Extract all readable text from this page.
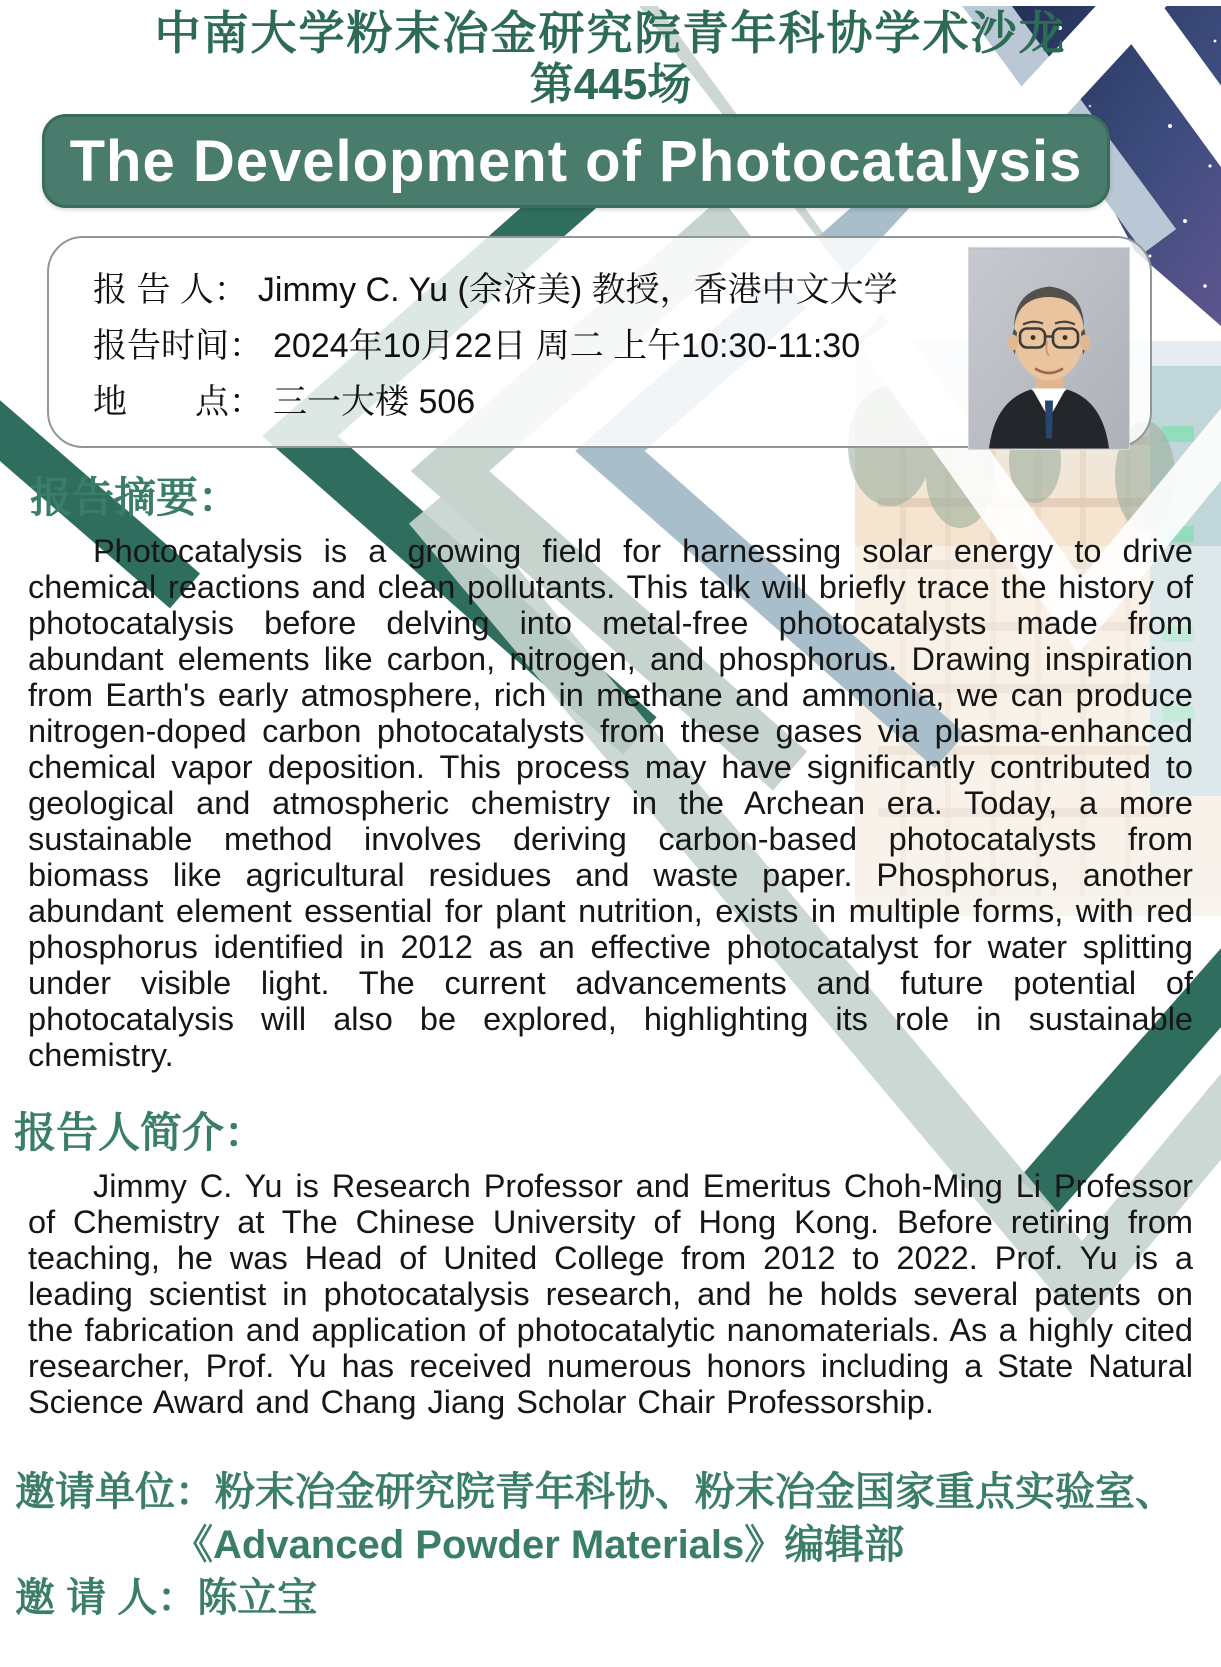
中南大学粉末冶金研究院青年科协学术沙龙
第445场
The Development of Photocatalysis
报 告 人： Jimmy C. Yu (余济美) 教授，香港中文大学
报告时间： 2024年10月22日 周二 上午10:30-11:30
地　　点： 三一大楼 506
报告摘要：

Photocatalysis is a growing field for harnessing solar energy to drive chemical reactions and clean pollutants. This talk will briefly trace the history of photocatalysis before delving into metal-free photocatalysts made from abundant elements like carbon, nitrogen, and phosphorus. Drawing inspiration from Earth's early atmosphere, rich in methane and ammonia, we can produce nitrogen-doped carbon photocatalysts from these gases via plasma-enhanced chemical vapor deposition. This process may have significantly contributed to geological and atmospheric chemistry in the Archean era. Today, a more sustainable method involves deriving carbon-based photocatalysts from biomass like agricultural residues and waste paper. Phosphorus, another abundant element essential for plant nutrition, exists in multiple forms, with red phosphorus identified in 2012 as an effective photocatalyst for water splitting under visible light. The current advancements and future potential of photocatalysis will also be explored, highlighting its role in sustainable chemistry.

报告人简介：

Jimmy C. Yu is Research Professor and Emeritus Choh-Ming Li Professor of Chemistry at The Chinese University of Hong Kong. Before retiring from teaching, he was Head of United College from 2012 to 2022. Prof. Yu is a leading scientist in photocatalysis research, and he holds several patents on the fabrication and application of photocatalytic nanomaterials. As a highly cited researcher, Prof. Yu has received numerous honors including a State Natural Science Award and Chang Jiang Scholar Chair Professorship.

邀请单位：粉末冶金研究院青年科协、粉末冶金国家重点实验室、
《Advanced Powder Materials》编辑部
邀 请 人：陈立宝
